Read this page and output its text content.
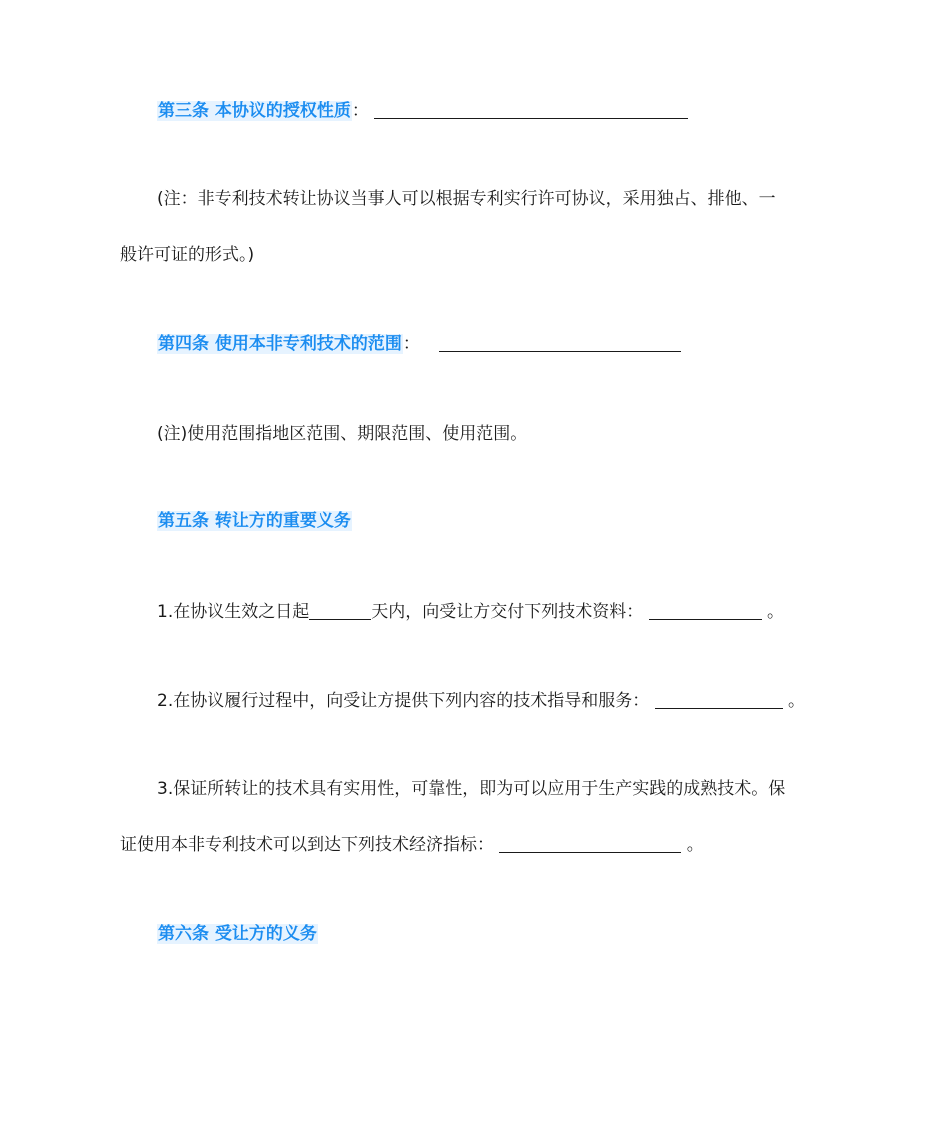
第三条 本协议的授权性质：
(注：非专利技术转让协议当事人可以根据专利实行许可协议，采用独占、排他、一
般许可证的形式。)
第四条 使用本非专利技术的范围：
(注)使用范围指地区范围、期限范围、使用范围。
第五条 转让方的重要义务
1.在协议生效之日起	天内，向受让方交付下列技术资料：	。
2.在协议履行过程中，向受让方提供下列内容的技术指导和服务：	。
3.保证所转让的技术具有实用性，可靠性，即为可以应用于生产实践的成熟技术。保
证使用本非专利技术可以到达下列技术经济指标：	。
第六条 受让方的义务
